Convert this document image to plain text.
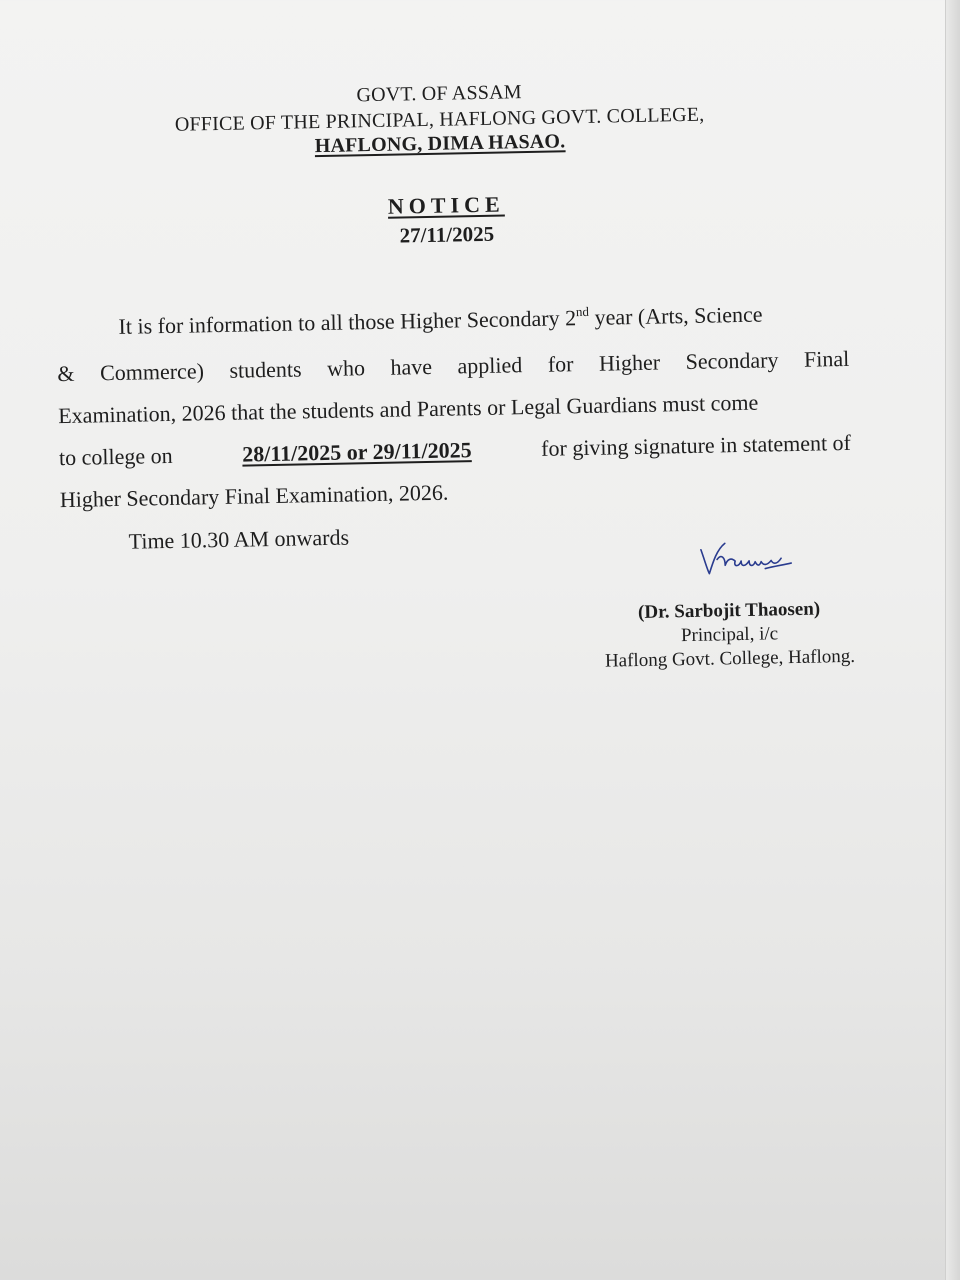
GOVT. OF ASSAM
OFFICE OF THE PRINCIPAL, HAFLONG GOVT. COLLEGE,
HAFLONG, DIMA HASAO.
NOTICE
27/11/2025
It is for information to all those Higher Secondary 2nd year (Arts, Science
& Commerce) students who have applied for Higher Secondary Final
Examination, 2026 that the students and Parents or Legal Guardians must come
to college on	28/11/2025 or 29/11/2025	for giving signature in statement of
Higher Secondary Final Examination, 2026.
Time 10.30 AM onwards
(Dr. Sarbojit Thaosen)
Principal, i/c
Haflong Govt. College, Haflong.
